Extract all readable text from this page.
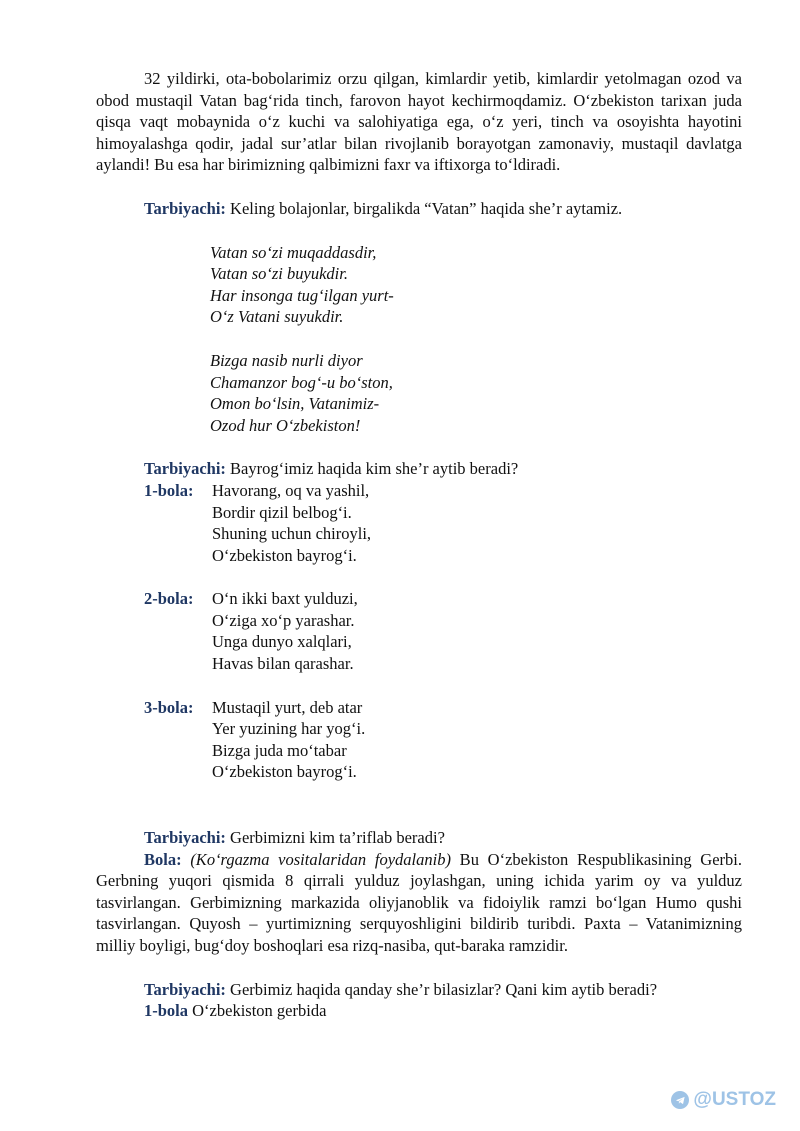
32 yildirki, ota-bobolarimiz orzu qilgan, kimlardir yetib, kimlardir yetolmagan ozod va obod mustaqil Vatan bag‘rida tinch, farovon hayot kechirmoqdamiz. O‘zbekiston tarixan juda qisqa vaqt mobaynida o‘z kuchi va salohiyatiga ega, o‘z yeri, tinch va osoyishta hayotini himoyalashga qodir, jadal sur’atlar bilan rivojlanib borayotgan zamonaviy, mustaqil davlatga aylandi! Bu esa har birimizning qalbimizni faxr va iftixorga to‘ldiradi.

Tarbiyachi: Keling bolajonlar, birgalikda “Vatan” haqida she’r aytamiz.

Vatan so‘zi muqaddasdir,
Vatan so‘zi buyukdir.
Har insonga tug‘ilgan yurt-
O‘z Vatani suyukdir.
Bizga nasib nurli diyor
Chamanzor bog‘-u bo‘ston,
Omon bo‘lsin, Vatanimiz-
Ozod hur O‘zbekiston!

Tarbiyachi: Bayrog‘imiz haqida kim she’r aytib beradi?

1-bola:	Havorang, oq va yashil,
Bordir qizil belbog‘i.
Shuning uchun chiroyli,
O‘zbekiston bayrog‘i.
2-bola:	O‘n ikki baxt yulduzi,
O‘ziga xo‘p yarashar.
Unga dunyo xalqlari,
Havas bilan qarashar.
3-bola:	Mustaqil yurt, deb atar
Yer yuzining har yog‘i.
Bizga juda mo‘tabar
O‘zbekiston bayrog‘i.

Tarbiyachi: Gerbimizni kim ta’riflab beradi?

Bola: (Ko‘rgazma vositalaridan foydalanib) Bu O‘zbekiston Respublikasining Gerbi. Gerbning yuqori qismida 8 qirrali yulduz joylashgan, uning ichida yarim oy va yulduz tasvirlangan. Gerbimizning markazida oliyjanoblik va fidoiylik ramzi bo‘lgan Humo qushi tasvirlangan. Quyosh – yurtimizning serquyoshligini bildirib turibdi. Paxta – Vatanimizning milliy boyligi, bug‘doy boshoqlari esa rizq-nasiba, qut-baraka ramzidir.

Tarbiyachi: Gerbimiz haqida qanday she’r bilasizlar? Qani kim aytib beradi?

1-bola O‘zbekiston gerbida

@USTOZ
